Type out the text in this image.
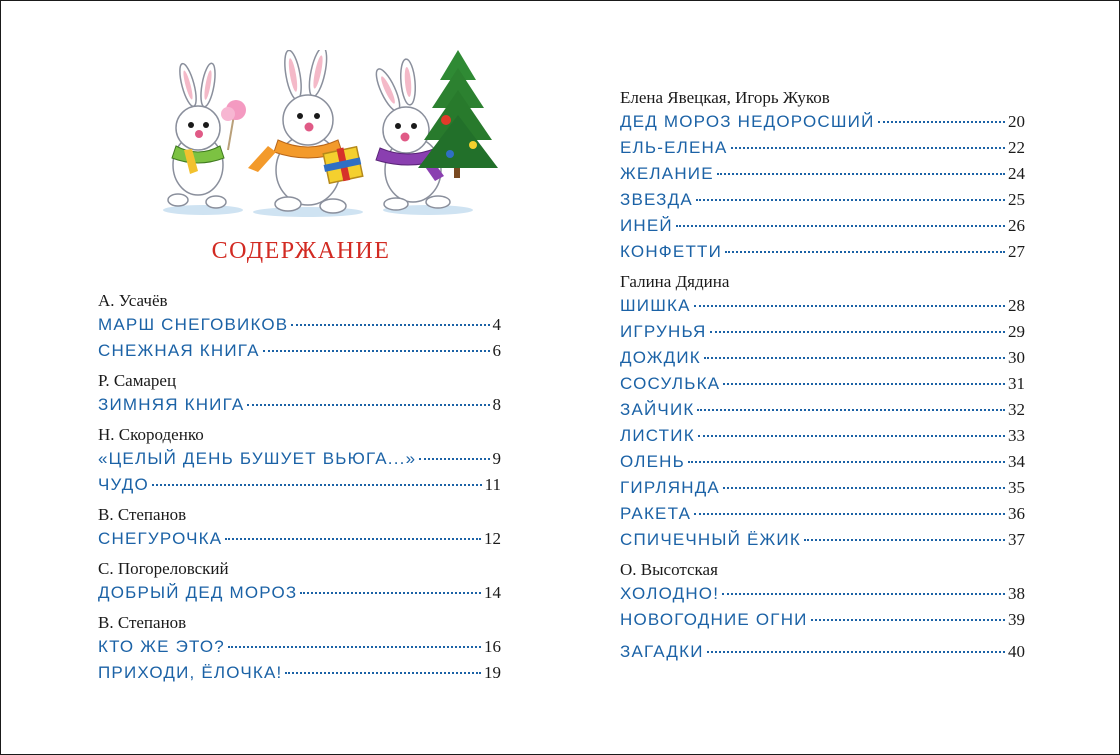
СОДЕРЖАНИЕ
А. Усачёв
МАРШ СНЕГОВИКОВ	4
СНЕЖНАЯ КНИГА	6
Р. Самарец
ЗИМНЯЯ КНИГА	8
Н. Скороденко
«ЦЕЛЫЙ ДЕНЬ БУШУЕТ ВЬЮГА...»	9
ЧУДО	11
В. Степанов
СНЕГУРОЧКА	12
С. Погореловский
ДОБРЫЙ ДЕД МОРОЗ	14
В. Степанов
КТО ЖЕ ЭТО?	16
ПРИХОДИ, ЁЛОЧКА!	19
Елена Явецкая, Игорь Жуков
ДЕД МОРОЗ НЕДОРОСШИЙ	20
ЕЛЬ-ЕЛЕНА	22
ЖЕЛАНИЕ	24
ЗВЕЗДА	25
ИНЕЙ	26
КОНФЕТТИ	27
Галина Дядина
ШИШКА	28
ИГРУНЬЯ	29
ДОЖДИК	30
СОСУЛЬКА	31
ЗАЙЧИК	32
ЛИСТИК	33
ОЛЕНЬ	34
ГИРЛЯНДА	35
РАКЕТА	36
СПИЧЕЧНЫЙ ЁЖИК	37
О. Высотская
ХОЛОДНО!	38
НОВОГОДНИЕ ОГНИ	39
ЗАГАДКИ	40
